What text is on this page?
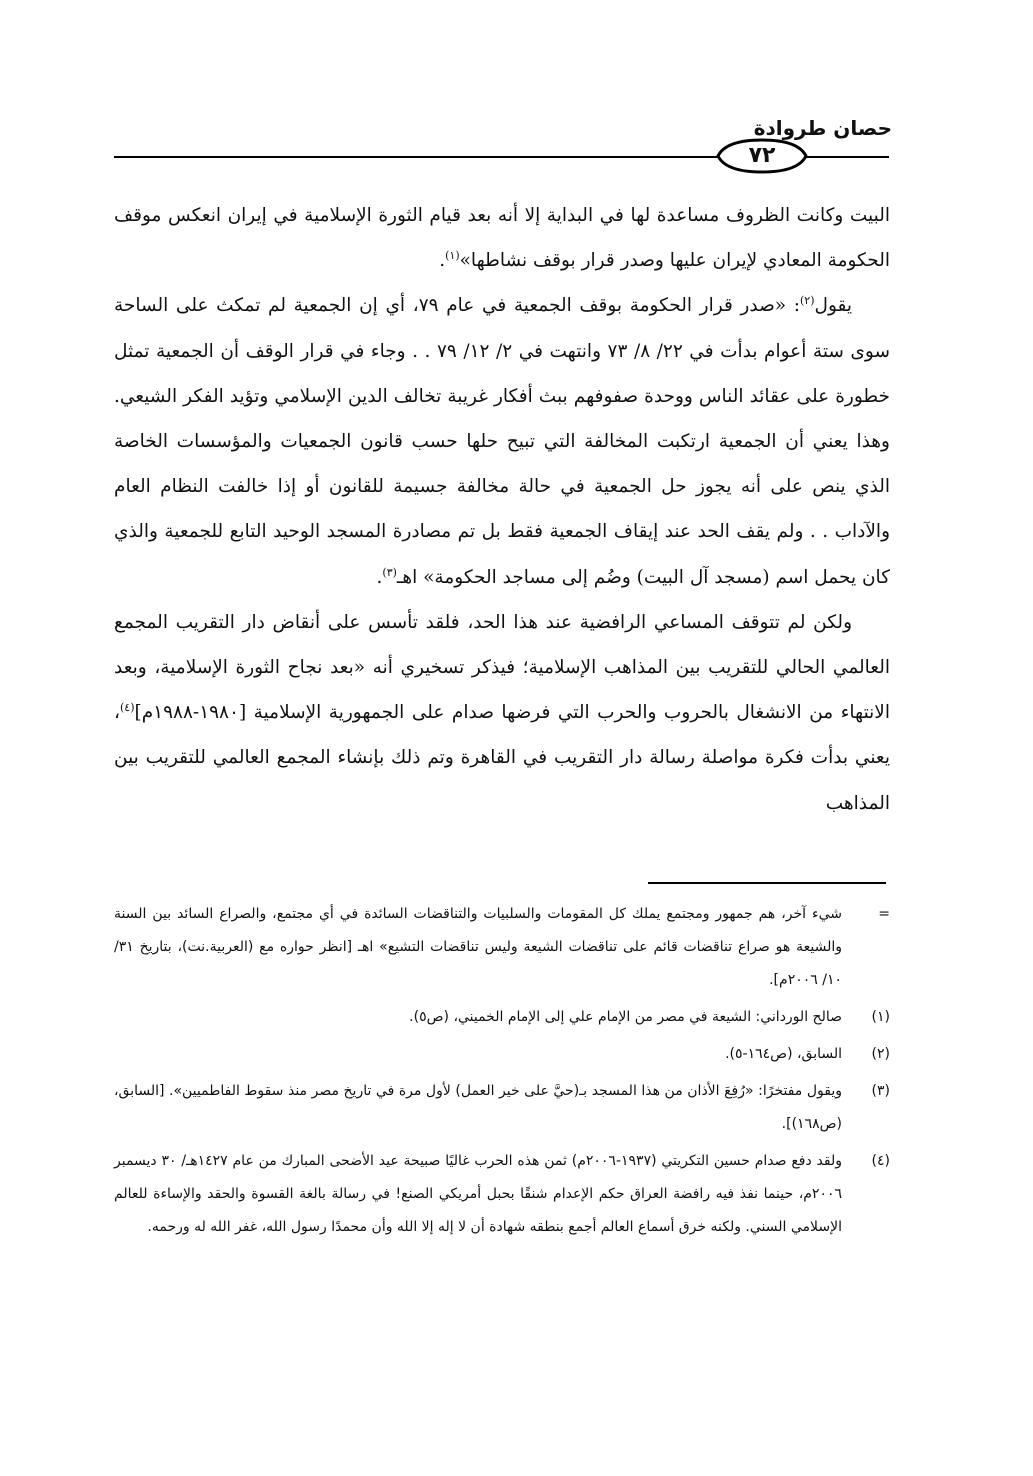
حصان طروادة
٧٢

البيت وكانت الظروف مساعدة لها في البداية إلا أنه بعد قيام الثورة الإسلامية في إيران انعكس موقف الحكومة المعادي لإيران عليها وصدر قرار بوقف نشاطها»$^{(١)}$.

يقول$^{(٢)}$: «صدر قرار الحكومة بوقف الجمعية في عام ٧٩، أي إن الجمعية لم تمكث على الساحة سوى ستة أعوام بدأت في ٢٢/ ٨/ ٧٣ وانتهت في ٢/ ١٢/ ٧٩ . . وجاء في قرار الوقف أن الجمعية تمثل خطورة على عقائد الناس ووحدة صفوفهم ببث أفكار غريبة تخالف الدين الإسلامي وتؤيد الفكر الشيعي. وهذا يعني أن الجمعية ارتكبت المخالفة التي تبيح حلها حسب قانون الجمعيات والمؤسسات الخاصة الذي ينص على أنه يجوز حل الجمعية في حالة مخالفة جسيمة للقانون أو إذا خالفت النظام العام والآداب . . ولم يقف الحد عند إيقاف الجمعية فقط بل تم مصادرة المسجد الوحيد التابع للجمعية والذي كان يحمل اسم (مسجد آل البيت) وضُم إلى مساجد الحكومة» اهـ$^{(٣)}$.

ولكن لم تتوقف المساعي الرافضية عند هذا الحد، فلقد تأسس على أنقاض دار التقريب المجمع العالمي الحالي للتقريب بين المذاهب الإسلامية؛ فيذكر تسخيري أنه «بعد نجاح الثورة الإسلامية، وبعد الانتهاء من الانشغال بالحروب والحرب التي فرضها صدام على الجمهورية الإسلامية [١٩٨٠-١٩٨٨م]$^{(٤)}$، يعني بدأت فكرة مواصلة رسالة دار التقريب في القاهرة وتم ذلك بإنشاء المجمع العالمي للتقريب بين المذاهب

=
شيء آخر، هم جمهور ومجتمع يملك كل المقومات والسلبيات والتناقضات السائدة في أي مجتمع، والصراع السائد بين السنة والشيعة هو صراع تناقضات قائم على تناقضات الشيعة وليس تناقضات التشيع» اهـ [انظر حواره مع (العربية.نت)، بتاريخ ٣١/ ١٠/ ٢٠٠٦م].
(١)
صالح الورداني: الشيعة في مصر من الإمام علي إلى الإمام الخميني، (ص٥).
(٢)
السابق، (ص١٦٤-٥).
(٣)
ويقول مفتخرًا: «رُفِعَ الأذان من هذا المسجد بـ(حيَّ على خير العمل) لأول مرة في تاريخ مصر منذ سقوط الفاطميين». [السابق، (ص١٦٨)].
(٤)
ولقد دفع صدام حسين التكريتي (١٩٣٧-٢٠٠٦م) ثمن هذه الحرب غاليًا صبيحة عيد الأضحى المبارك من عام ١٤٢٧هـ/ ٣٠ ديسمبر ٢٠٠٦م، حينما نفذ فيه رافضة العراق حكم الإعدام شنقًا بحبل أمريكي الصنع! في رسالة بالغة القسوة والحقد والإساءة للعالم الإسلامي السني. ولكنه خرق أسماع العالم أجمع بنطقه شهادة أن لا إله إلا الله وأن محمدًا رسول الله، غفر الله له ورحمه.
